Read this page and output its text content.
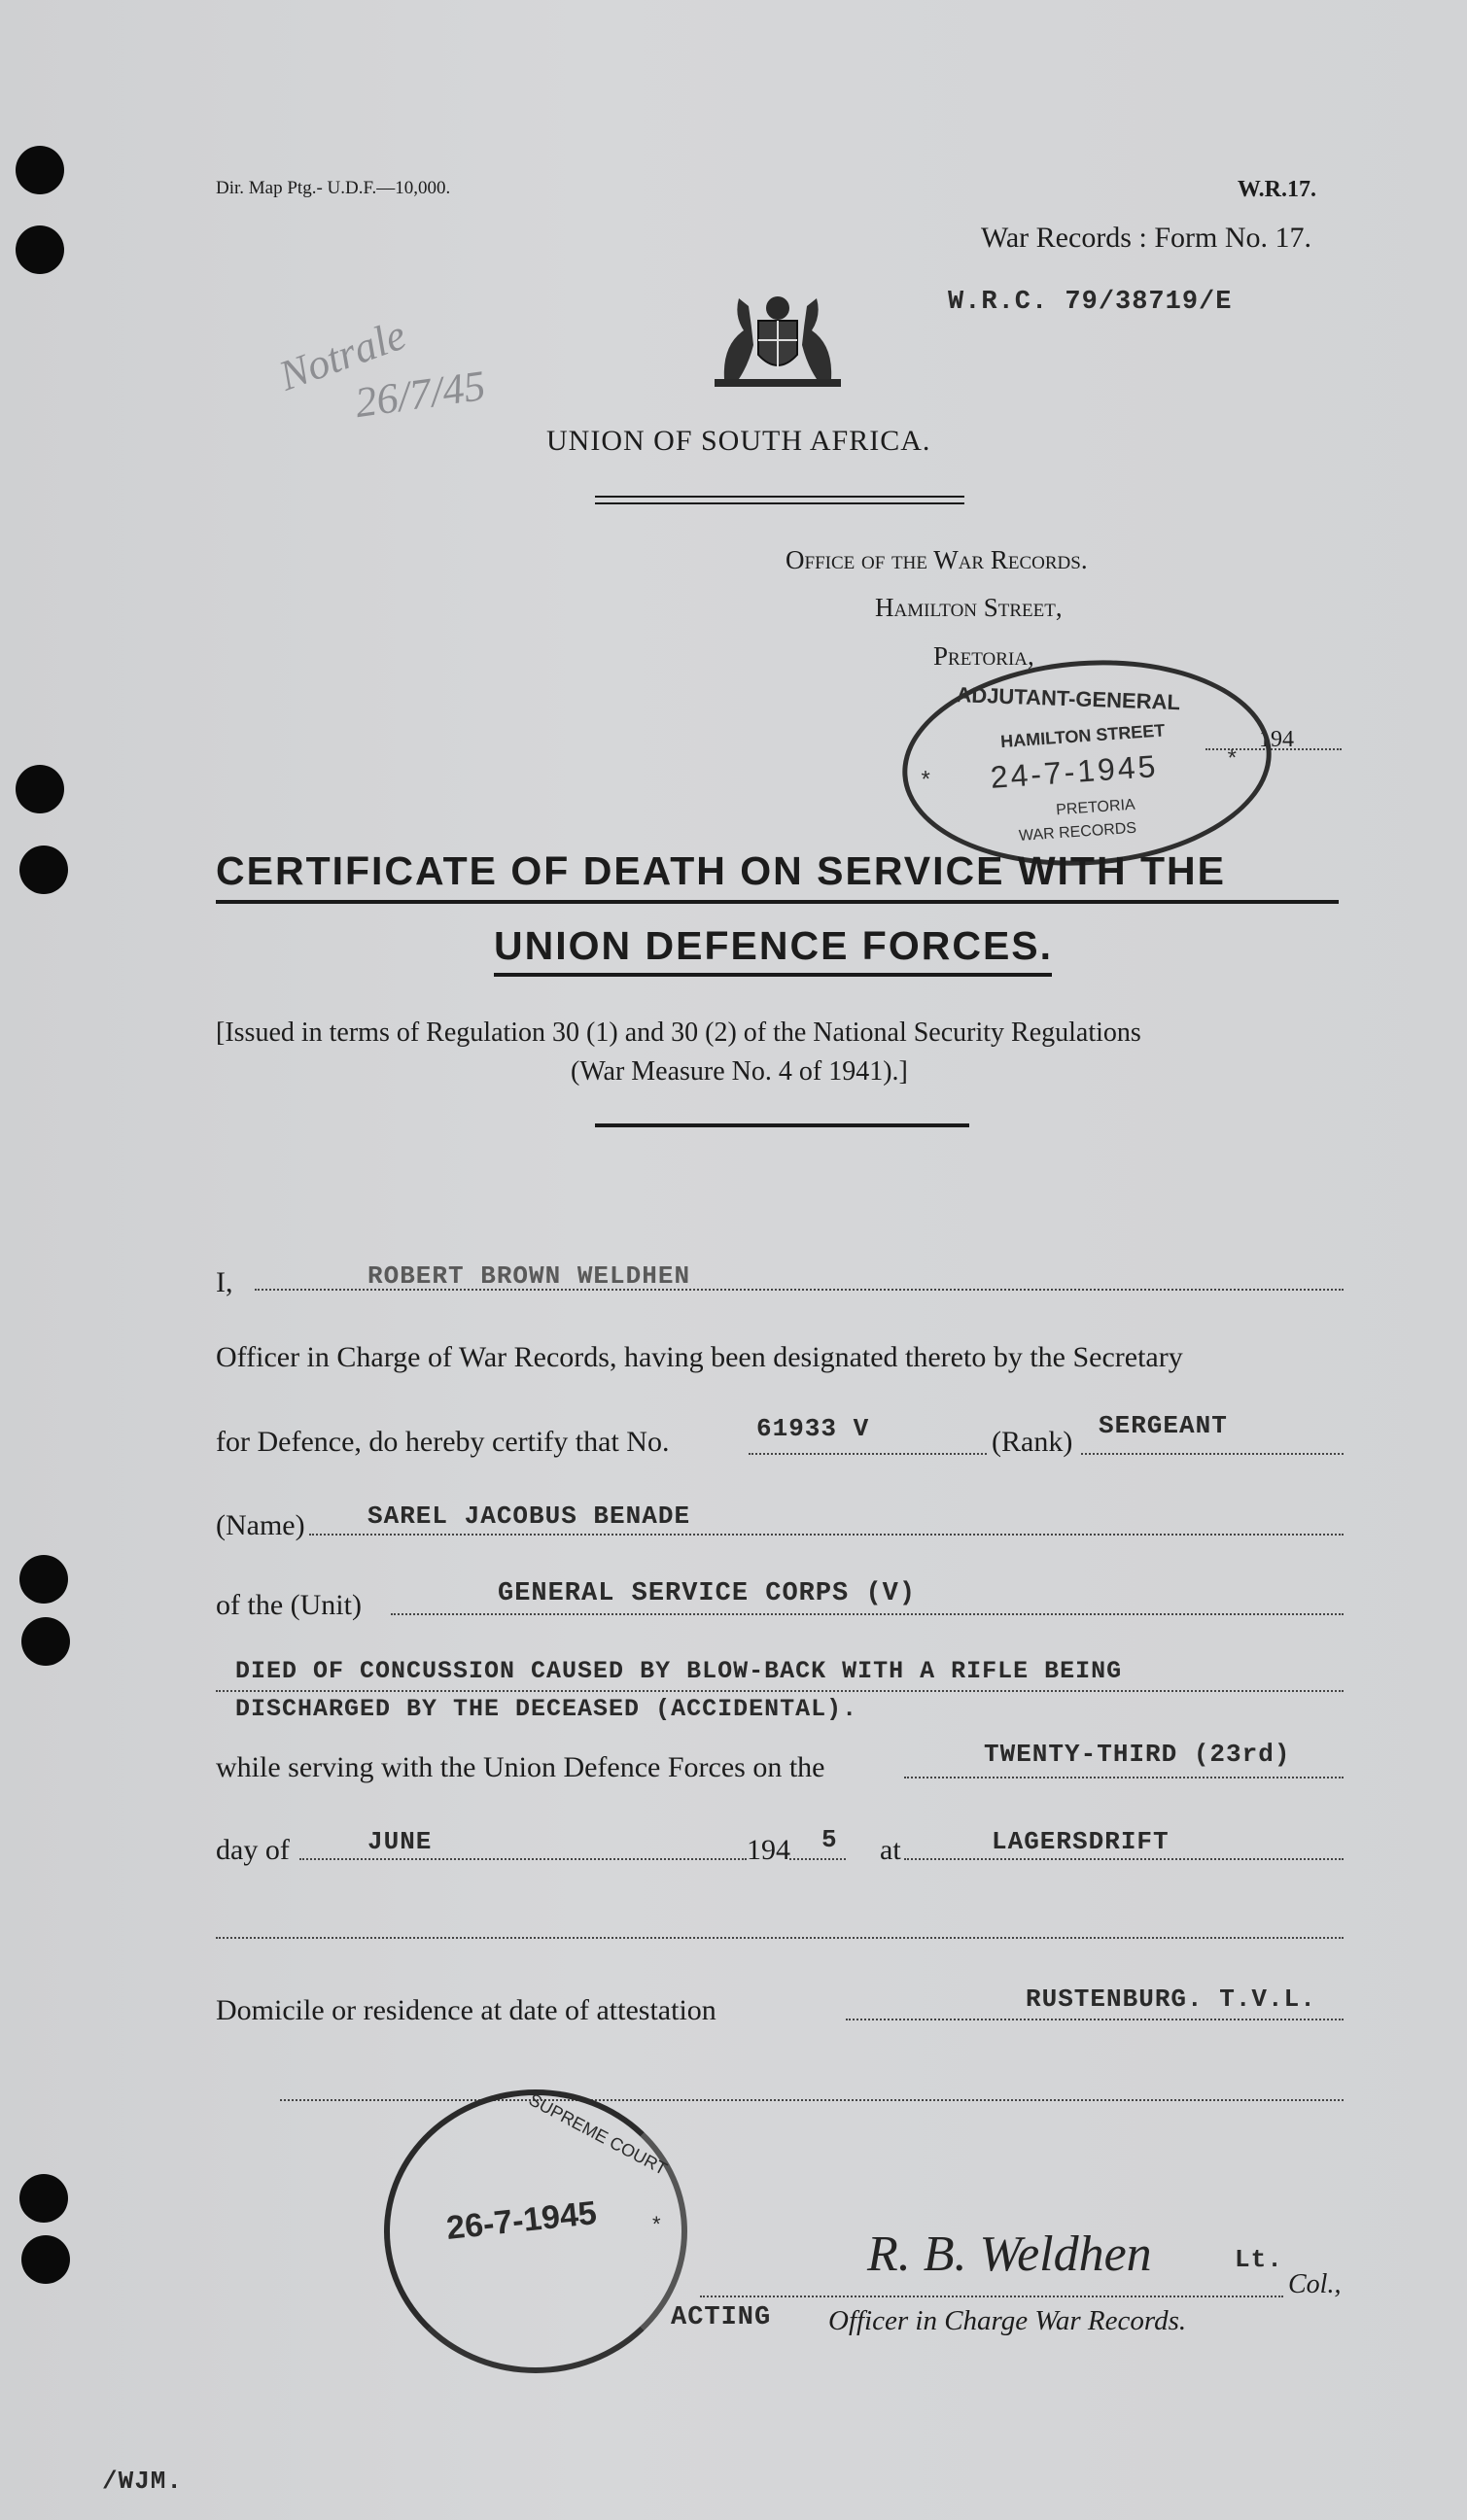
Dir. Map Ptg.- U.D.F.—10,000.	W.R.17.
War Records : Form No. 17.
W.R.C. 79/38719/E
Notrale
26/7/45
UNION OF SOUTH AFRICA.
Office of the War Records.
Hamilton Street,
Pretoria,
194
ADJUTANT-GENERAL
HAMILTON STREET
* 24-7-1945	*
PRETORIA
WAR RECORDS
CERTIFICATE OF DEATH ON SERVICE WITH THE
UNION DEFENCE FORCES.
[Issued in terms of Regulation 30 (1) and 30 (2) of the National Security Regulations
(War Measure No. 4 of 1941).]
I,	ROBERT BROWN WELDHEN
Officer in Charge of War Records, having been designated thereto by the Secretary
for Defence, do hereby certify that No.	61933 V	(Rank) SERGEANT
(Name) SAREL JACOBUS BENADE
of the (Unit)	GENERAL SERVICE CORPS (V)
DIED OF CONCUSSION CAUSED BY BLOW-BACK WITH A RIFLE BEING
DISCHARGED BY THE DECEASED (ACCIDENTAL).
while serving with the Union Defence Forces on the	TWENTY-THIRD (23rd)
day of	JUNE	194 5 at	LAGERSDRIFT
Domicile or residence at date of attestation	RUSTENBURG. T.V.L.
SUPREME COURT
26-7-1945	*
R. B. Weldhen	Lt.
Col.,
ACTING Officer in Charge War Records.
/WJM.
